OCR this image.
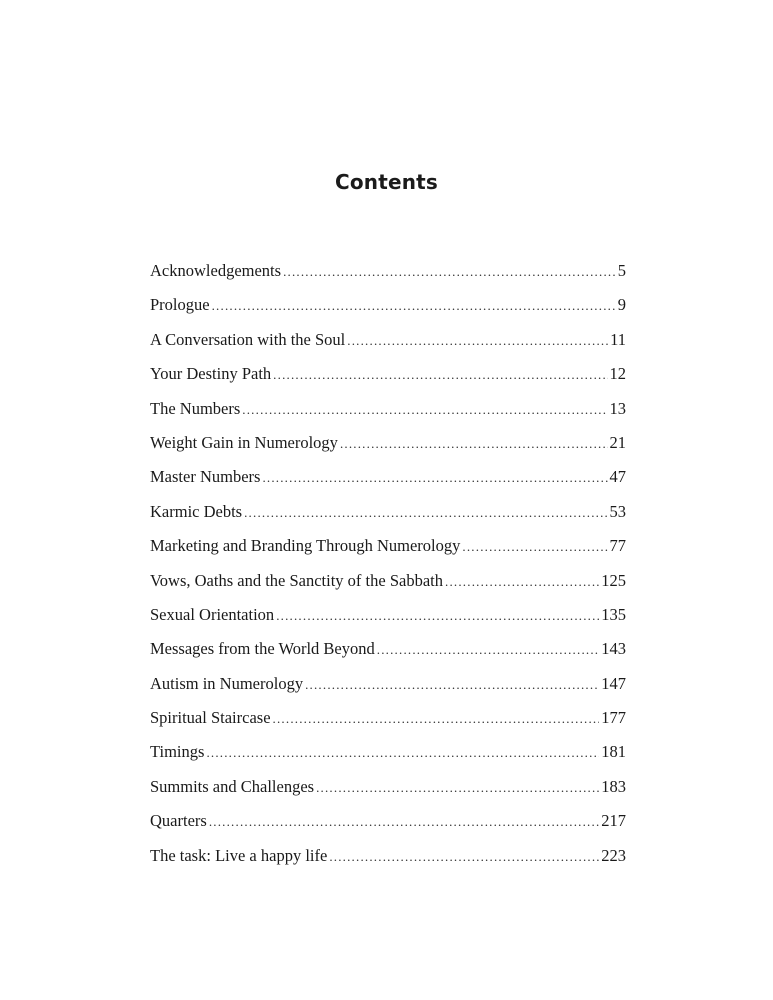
Contents
Acknowledgements .....	5
Prologue .....	9
A Conversation with the Soul .....	11
Your Destiny Path .....	12
The Numbers .....	13
Weight Gain in Numerology .....	21
Master Numbers .....	47
Karmic Debts .....	53
Marketing and Branding Through Numerology .....	77
Vows, Oaths and the Sanctity of the Sabbath .....	125
Sexual Orientation .....	135
Messages from the World Beyond .....	143
Autism in Numerology .....	147
Spiritual Staircase .....	177
Timings .....	181
Summits and Challenges .....	183
Quarters .....	217
The task: Live a happy life .....	223
